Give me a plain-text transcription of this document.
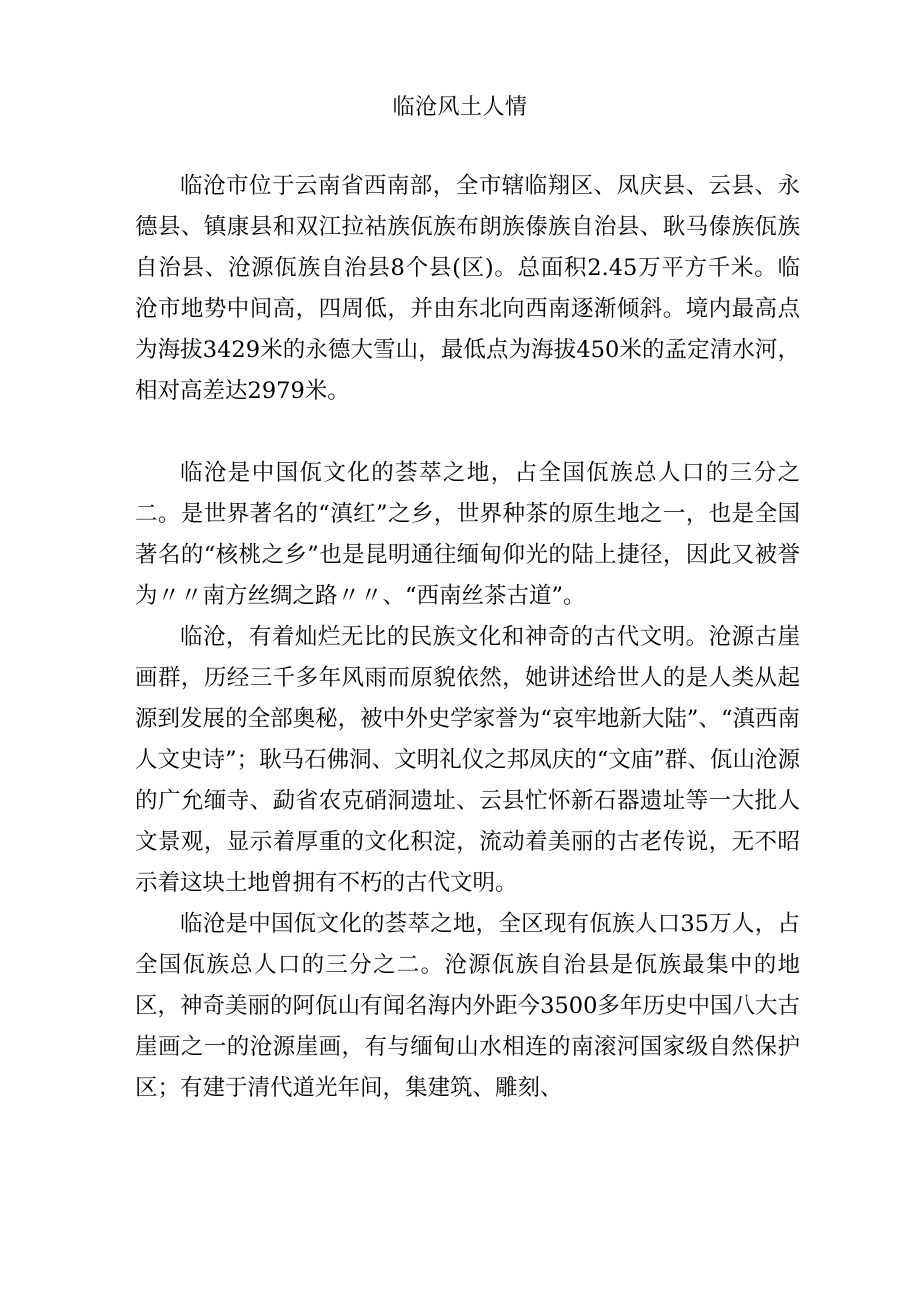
临沧风土人情

临沧市位于云南省西南部，全市辖临翔区、凤庆县、云县、永德县、镇康县和双江拉祜族佤族布朗族傣族自治县、耿马傣族佤族自治县、沧源佤族自治县8个县(区)。总面积2.45万平方千米。临沧市地势中间高，四周低，并由东北向西南逐渐倾斜。境内最高点为海拔3429米的永德大雪山，最低点为海拔450米的孟定清水河，相对高差达2979米。

临沧是中国佤文化的荟萃之地，占全国佤族总人口的三分之二。是世界著名的“滇红”之乡，世界种茶的原生地之一，也是全国著名的“核桃之乡”也是昆明通往缅甸仰光的陆上捷径，因此又被誉为〃〃南方丝绸之路〃〃、“西南丝茶古道”。

临沧，有着灿烂无比的民族文化和神奇的古代文明。沧源古崖画群，历经三千多年风雨而原貌依然，她讲述给世人的是人类从起源到发展的全部奥秘，被中外史学家誉为“哀牢地新大陆”、“滇西南人文史诗”；耿马石佛洞、文明礼仪之邦凤庆的“文庙”群、佤山沧源的广允缅寺、勐省农克硝洞遗址、云县忙怀新石器遗址等一大批人文景观，显示着厚重的文化积淀，流动着美丽的古老传说，无不昭示着这块土地曾拥有不朽的古代文明。

临沧是中国佤文化的荟萃之地，全区现有佤族人口35万人，占全国佤族总人口的三分之二。沧源佤族自治县是佤族最集中的地区，神奇美丽的阿佤山有闻名海内外距今3500多年历史中国八大古崖画之一的沧源崖画，有与缅甸山水相连的南滚河国家级自然保护区；有建于清代道光年间，集建筑、雕刻、
